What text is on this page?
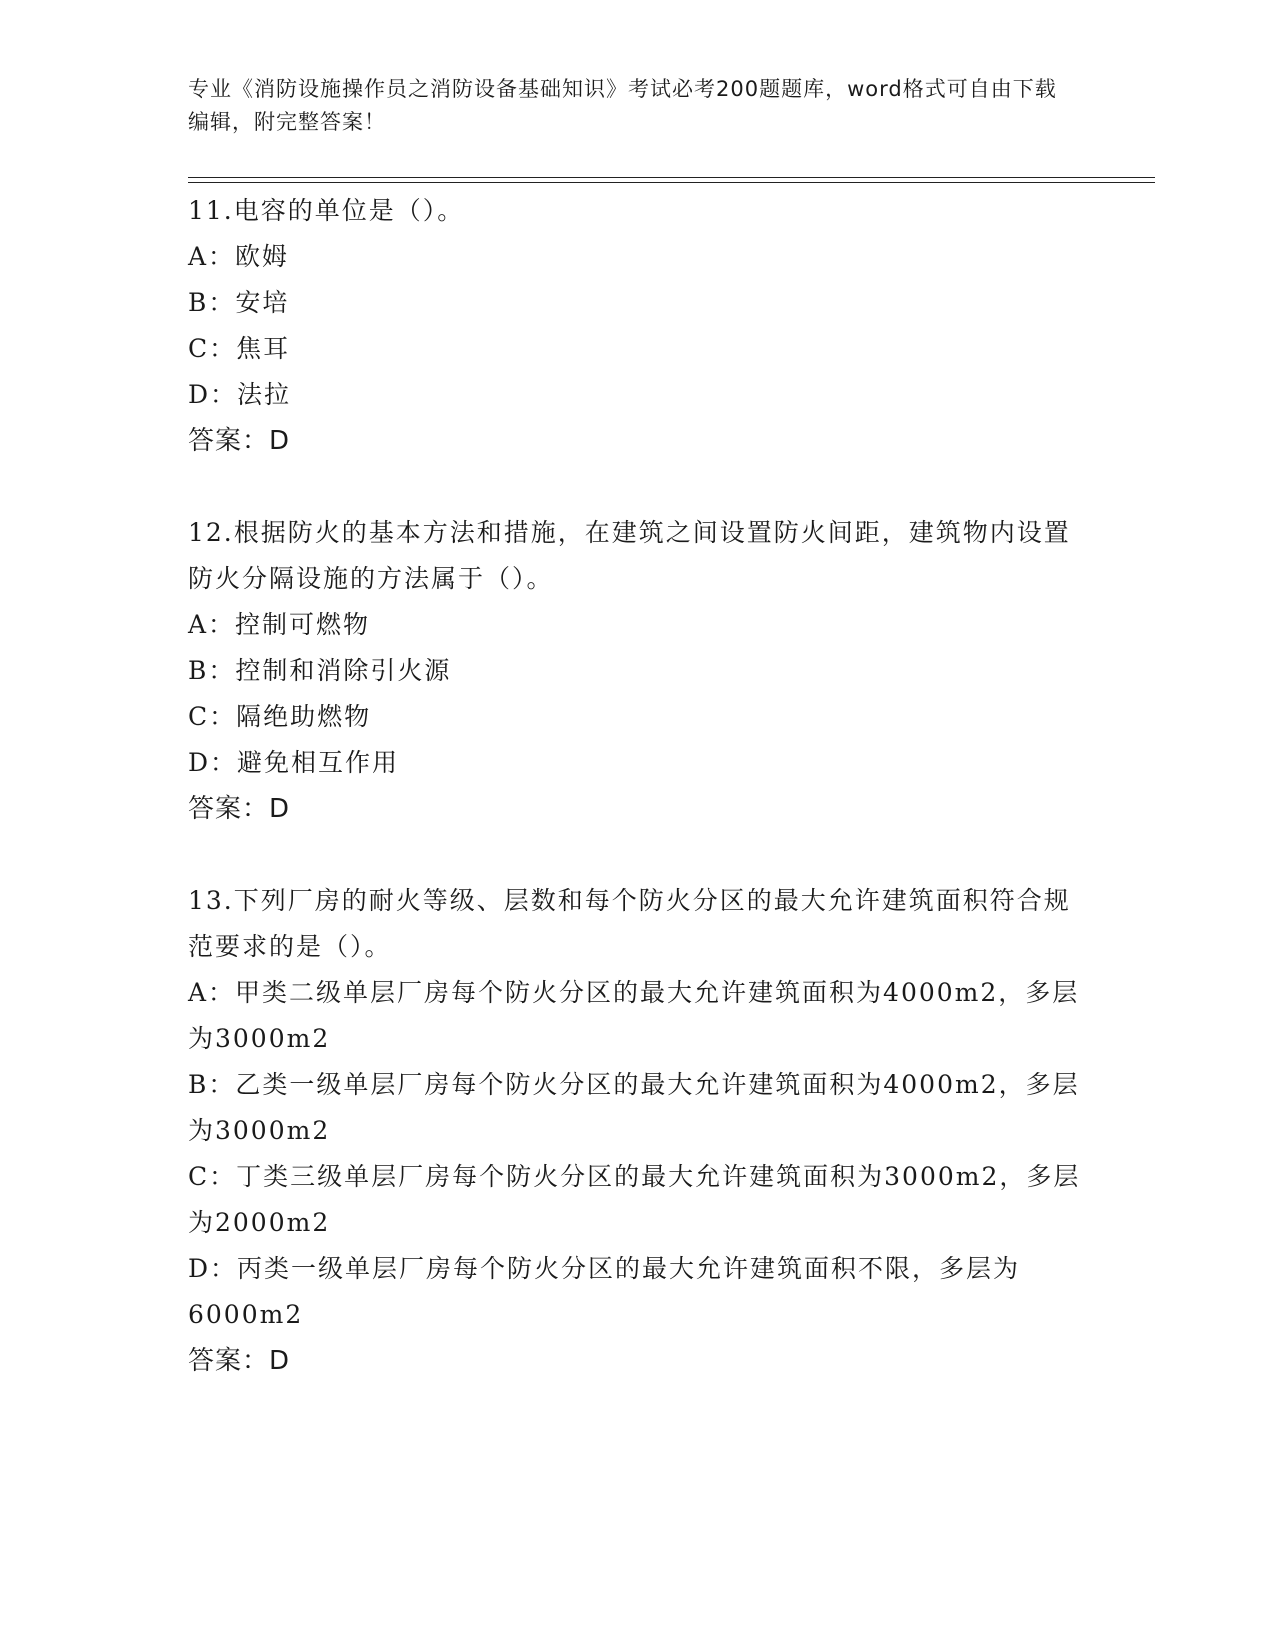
专业《消防设施操作员之消防设备基础知识》考试必考200题题库，word格式可自由下载编辑，附完整答案！

11.电容的单位是（）。

A：欧姆

B：安培

C：焦耳

D：法拉

答案：D

12.根据防火的基本方法和措施，在建筑之间设置防火间距，建筑物内设置防火分隔设施的方法属于（）。

A：控制可燃物

B：控制和消除引火源

C：隔绝助燃物

D：避免相互作用

答案：D

13.下列厂房的耐火等级、层数和每个防火分区的最大允许建筑面积符合规范要求的是（）。

A：甲类二级单层厂房每个防火分区的最大允许建筑面积为4000m2，多层为3000m2

B：乙类一级单层厂房每个防火分区的最大允许建筑面积为4000m2，多层为3000m2

C：丁类三级单层厂房每个防火分区的最大允许建筑面积为3000m2，多层为2000m2

D：丙类一级单层厂房每个防火分区的最大允许建筑面积不限，多层为6000m2

答案：D
